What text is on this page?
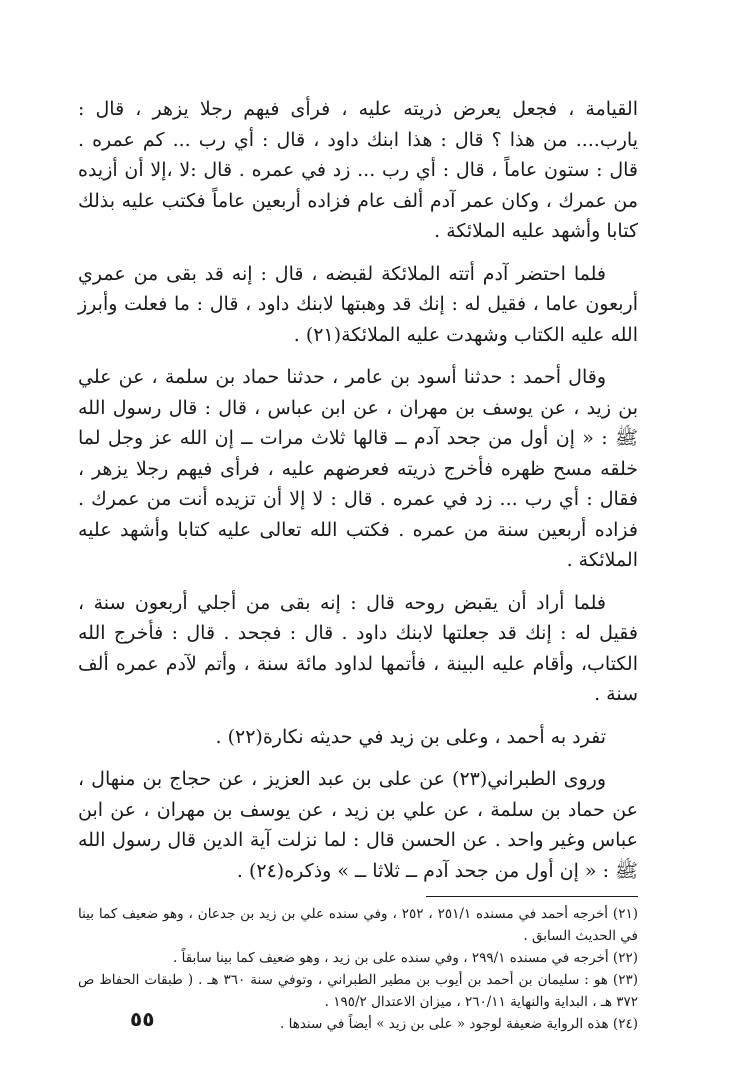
القيامة ، فجعل يعرض ذريته عليه ، فرأى فيهم رجلا يزهر ، قال : يارب.... من هذا ؟ قال : هذا ابنك داود ، قال : أي رب ... كم عمره . قال : ستون عاماً ، قال : أي رب ... زد في عمره . قال :لا ،إلا أن أزيده من عمرك ، وكان عمر آدم ألف عام فزاده أربعين عاماً فكتب عليه بذلك كتابا وأشهد عليه الملائكة .

فلما احتضر آدم أتته الملائكة لقبضه ، قال : إنه قد بقى من عمري أربعون عاما ، فقيل له : إنك قد وهبتها لابنك داود ، قال : ما فعلت وأبرز الله عليه الكتاب وشهدت عليه الملائكة(٢١) .

وقال أحمد : حدثنا أسود بن عامر ، حدثنا حماد بن سلمة ، عن علي بن زيد ، عن يوسف بن مهران ، عن ابن عباس ، قال : قال رسول الله ﷺ : « إن أول من جحد آدم ــ قالها ثلاث مرات ــ إن الله عز وجل لما خلقه مسح ظهره فأخرج ذريته فعرضهم عليه ، فرأى فيهم رجلا يزهر ، فقال : أي رب ... زد في عمره . قال : لا إلا أن تزيده أنت من عمرك . فزاده أربعين سنة من عمره . فكتب الله تعالى عليه كتابا وأشهد عليه الملائكة .

فلما أراد أن يقبض روحه قال : إنه بقى من أجلي أربعون سنة ، فقيل له : إنك قد جعلتها لابنك داود . قال : فجحد . قال : فأخرج الله الكتاب، وأقام عليه البينة ، فأتمها لداود مائة سنة ، وأتم لآدم عمره ألف سنة .

تفرد به أحمد ، وعلى بن زيد في حديثه نكارة(٢٢) .

وروى الطبراني(٢٣) عن على بن عبد العزيز ، عن حجاج بن منهال ، عن حماد بن سلمة ، عن علي بن زيد ، عن يوسف بن مهران ، عن ابن عباس وغير واحد . عن الحسن قال : لما نزلت آية الدين قال رسول الله ﷺ : « إن أول من جحد آدم ــ ثلاثا ــ » وذكره(٢٤) .

(٢١) أخرجه أحمد في مسنده ٢٥١/١ ، ٢٥٢ ، وفي سنده علي بن زيد بن جدعان ، وهو ضعيف كما بينا في الحديث السابق .

(٢٢) أخرجه في مسنده ٢٩٩/١ ، وفي سنده على بن زيد ، وهو ضعيف كما بينا سابقاً .

(٢٣) هو : سليمان بن أحمد بن أيوب بن مطير الطبراني ، وتوفي سنة ٣٦٠ هـ . ( طبقات الحفاظ ص ٣٧٢ هـ ، البداية والنهاية ٢٦٠/١١ ، ميزان الاعتدال ١٩٥/٢ .

(٢٤) هذه الرواية ضعيفة لوجود « على بن زيد » أيضاً في سندها .

٥٥
